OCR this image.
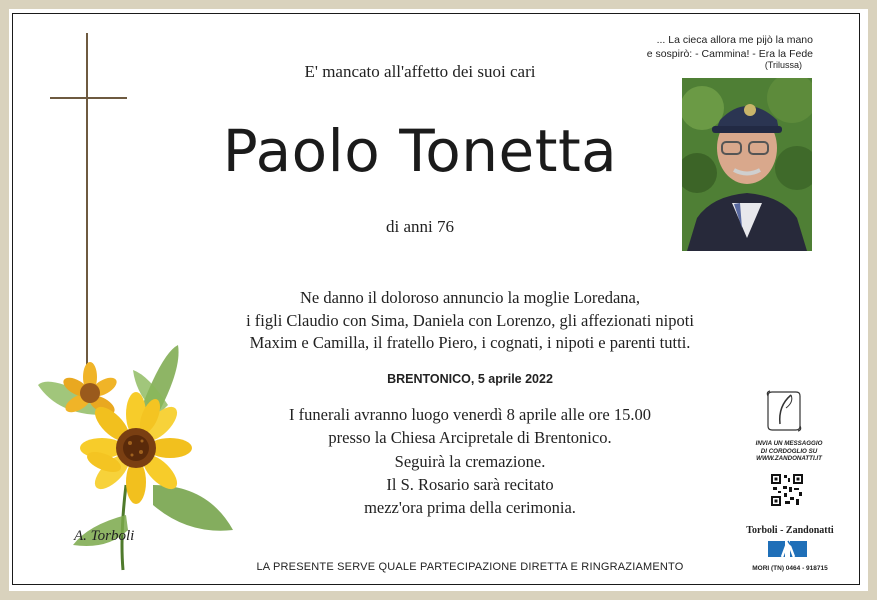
... La cieca allora me pijò la mano
e sospirò: - Cammina! - Era la Fede
(Trilussa)
E' mancato all'affetto dei suoi cari
Paolo Tonetta
di anni 76
Ne danno il doloroso annuncio la moglie Loredana,
i figli Claudio con Sima, Daniela con Lorenzo, gli affezionati nipoti
Maxim e Camilla, il fratello Piero, i cognati, i nipoti e parenti tutti.
BRENTONICO, 5 aprile 2022
I funerali avranno luogo venerdì 8 aprile alle ore 15.00
presso la Chiesa Arcipretale di Brentonico.
Seguirà la cremazione.
Il S. Rosario sarà recitato
mezz'ora prima della cerimonia.
LA PRESENTE SERVE QUALE PARTECIPAZIONE DIRETTA E RINGRAZIAMENTO
INVIA UN MESSAGGIO
DI CORDOGLIO SU
WWW.ZANDONATTI.IT
Torboli - Zandonatti
MORI (TN) 0464 - 918715
A. Torboli
